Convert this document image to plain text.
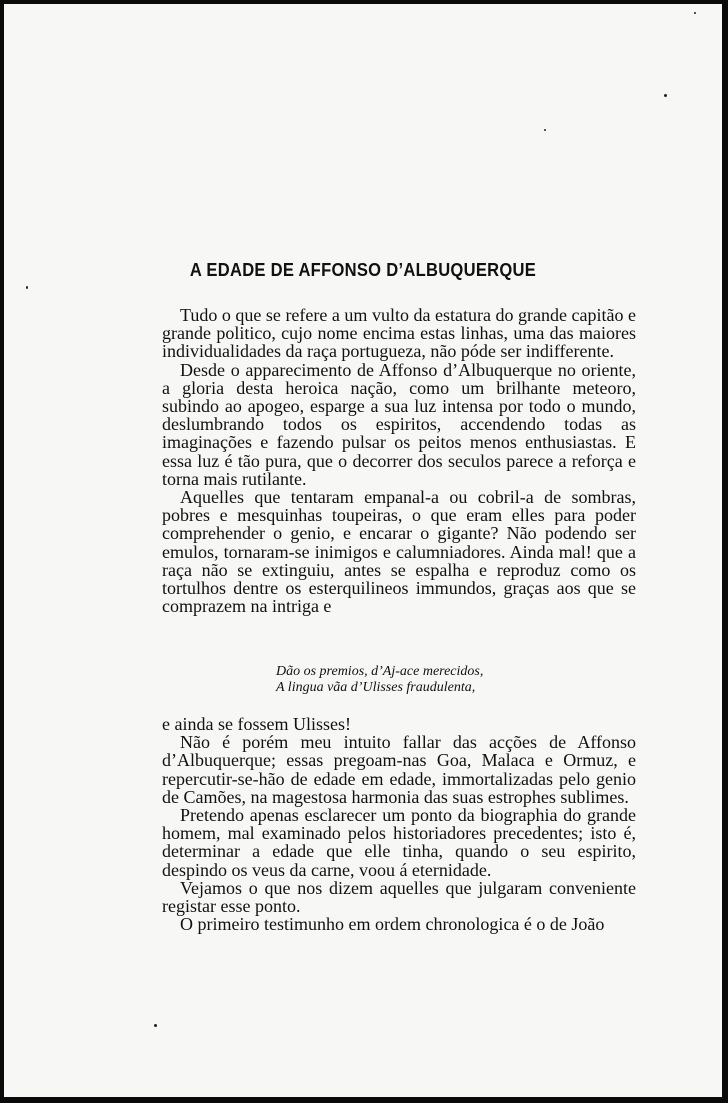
A EDADE DE AFFONSO D’ALBUQUERQUE

Tudo o que se refere a um vulto da estatura do grande capitão e grande politico, cujo nome encima estas linhas, uma das maiores individualidades da raça portugueza, não póde ser indifferente.

Desde o apparecimento de Affonso d’Albuquerque no oriente, a gloria desta heroica nação, como um brilhante meteoro, subindo ao apogeo, esparge a sua luz intensa por todo o mundo, deslumbrando todos os espiritos, accendendo todas as imaginações e fazendo pulsar os peitos menos enthusiastas. E essa luz é tão pura, que o decorrer dos seculos parece a reforça e torna mais rutilante.

Aquelles que tentaram empanal-a ou cobril-a de sombras, pobres e mesquinhas toupeiras, o que eram elles para poder comprehender o genio, e encarar o gigante? Não podendo ser emulos, tornaram-se inimigos e calumniadores. Ainda mal! que a raça não se extinguiu, antes se espalha e reproduz como os tortulhos dentre os esterquilineos immundos, graças aos que se comprazem na intriga e

Dão os premios, d’Aj-ace merecidos,
A lingua vãa d’Ulisses fraudulenta,

e ainda se fossem Ulisses!

Não é porém meu intuito fallar das acções de Affonso d’Albuquerque; essas pregoam-nas Goa, Malaca e Ormuz, e repercutir-se-hão de edade em edade, immortalizadas pelo genio de Camões, na magestosa harmonia das suas estrophes sublimes.

Pretendo apenas esclarecer um ponto da biographia do grande homem, mal examinado pelos historiadores precedentes; isto é, determinar a edade que elle tinha, quando o seu espirito, despindo os veus da carne, voou á eternidade.

Vejamos o que nos dizem aquelles que julgaram conveniente registar esse ponto.

O primeiro testimunho em ordem chronologica é o de João
